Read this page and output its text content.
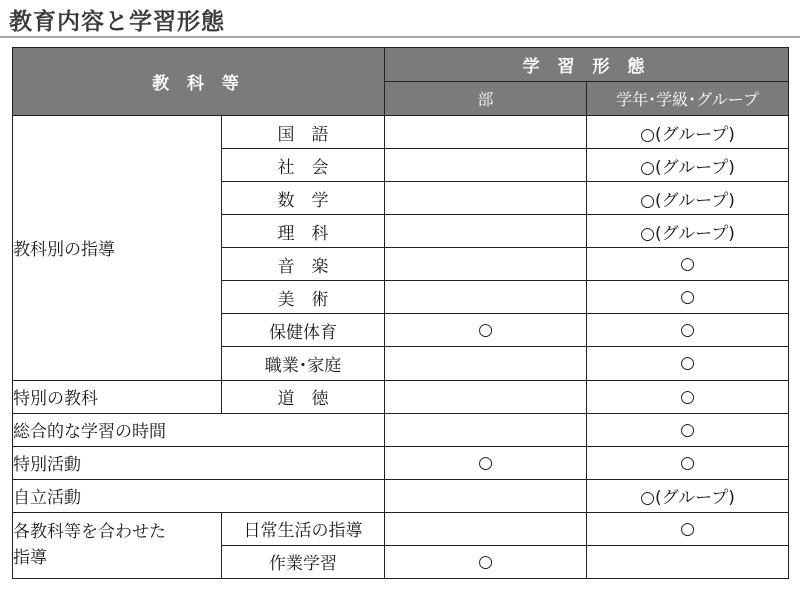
教育内容と学習形態
教 科 等		学 習 形 態	
		部	学年･学級･グループ
教科別の指導	国　語		○(グループ)
	社　会		○(グループ)
	数　学		○(グループ)
	理　科		○(グループ)
	音　楽		○
	美　術		○
	保健体育	○	○
	職業･家庭		○
特別の教科	道　徳		○
総合的な学習の時間			○
特別活動		○	○
自立活動			○(グループ)

各教科等を合わせた
指導	日常生活の指導		○
	作業学習	○	
